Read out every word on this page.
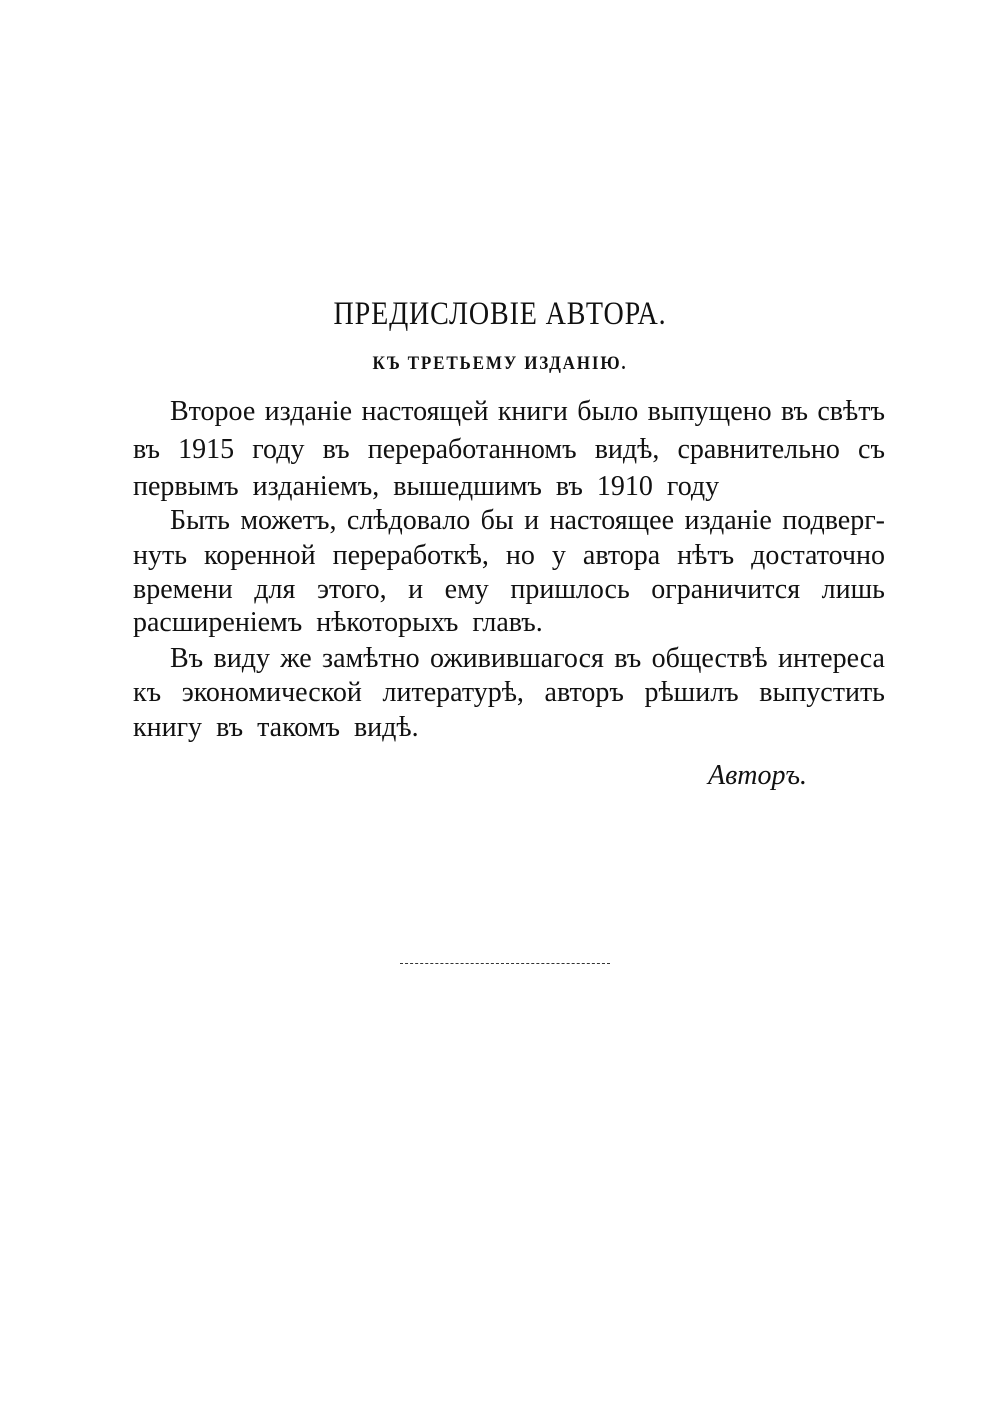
ПРЕДИСЛОВІЕ АВТОРА.
КЪ ТРЕТЬЕМУ ИЗДАНІЮ.
Второе изданіе настоящей книги было выпущено въ свѣтъ
въ 1915 году въ переработанномъ видѣ, сравнительно съ
первымъ изданіемъ, вышедшимъ въ 1910 году
Быть можетъ, слѣдовало бы и настоящее изданіе подверг-
нуть коренной переработкѣ, но у автора нѣтъ достаточно
времени для этого, и ему пришлось ограничится лишь
расширеніемъ нѣкоторыхъ главъ.
Въ виду же замѣтно оживившагося въ обществѣ интереса
къ экономической литературѣ, авторъ рѣшилъ выпустить
книгу въ такомъ видѣ.
Авторъ.
